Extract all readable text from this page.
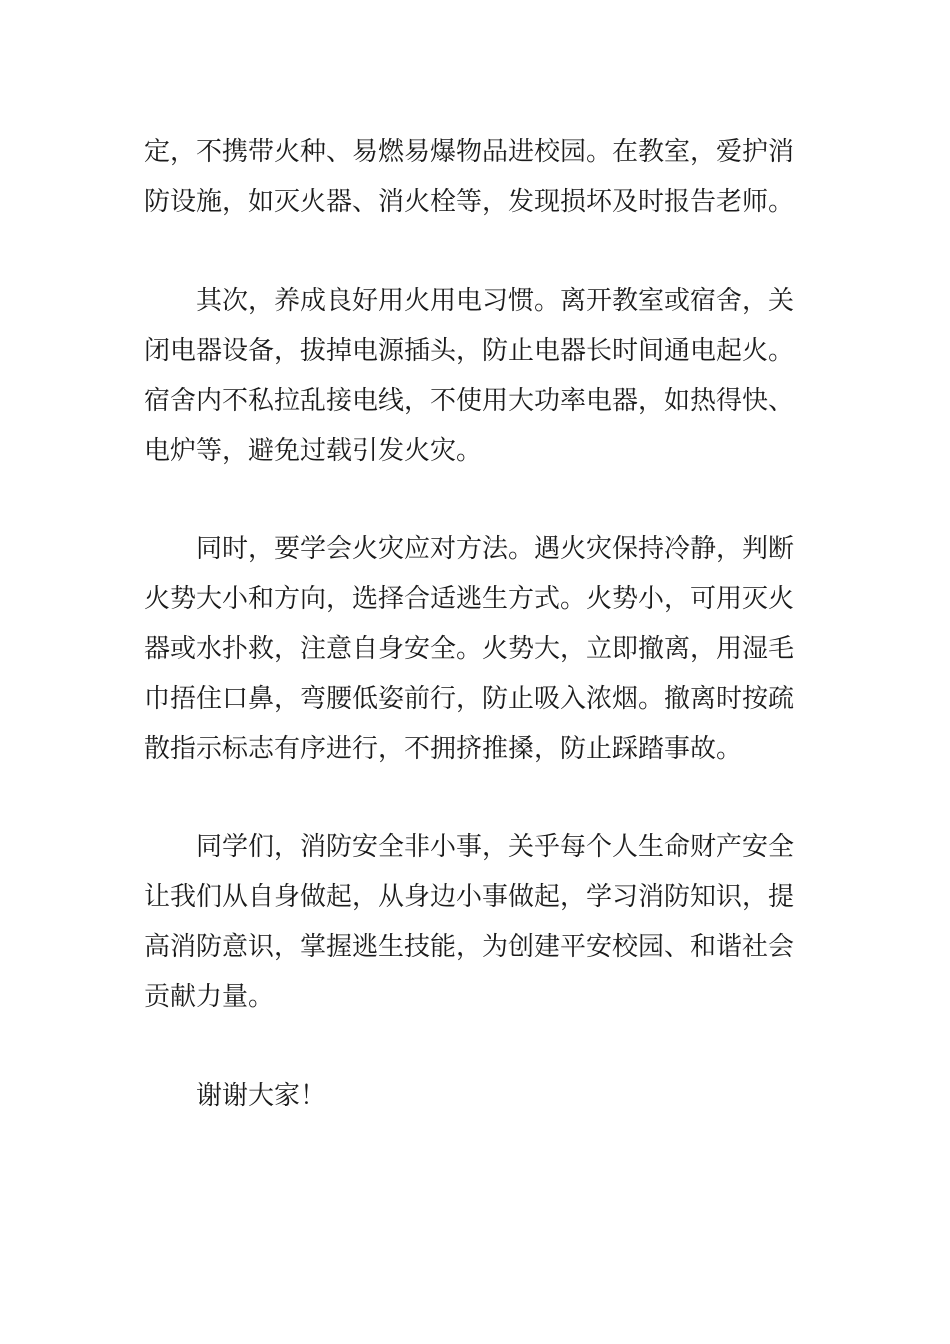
定，不携带火种、易燃易爆物品进校园。在教室，爱护消
防设施，如灭火器、消火栓等，发现损坏及时报告老师。
其次，养成良好用火用电习惯。离开教室或宿舍，关
闭电器设备，拔掉电源插头，防止电器长时间通电起火。
宿舍内不私拉乱接电线，不使用大功率电器，如热得快、
电炉等，避免过载引发火灾。
同时，要学会火灾应对方法。遇火灾保持冷静，判断
火势大小和方向，选择合适逃生方式。火势小，可用灭火
器或水扑救，注意自身安全。火势大，立即撤离，用湿毛
巾捂住口鼻，弯腰低姿前行，防止吸入浓烟。撤离时按疏
散指示标志有序进行，不拥挤推搡，防止踩踏事故。
同学们，消防安全非小事，关乎每个人生命财产安全
让我们从自身做起，从身边小事做起，学习消防知识，提
高消防意识，掌握逃生技能，为创建平安校园、和谐社会
贡献力量。
谢谢大家！
